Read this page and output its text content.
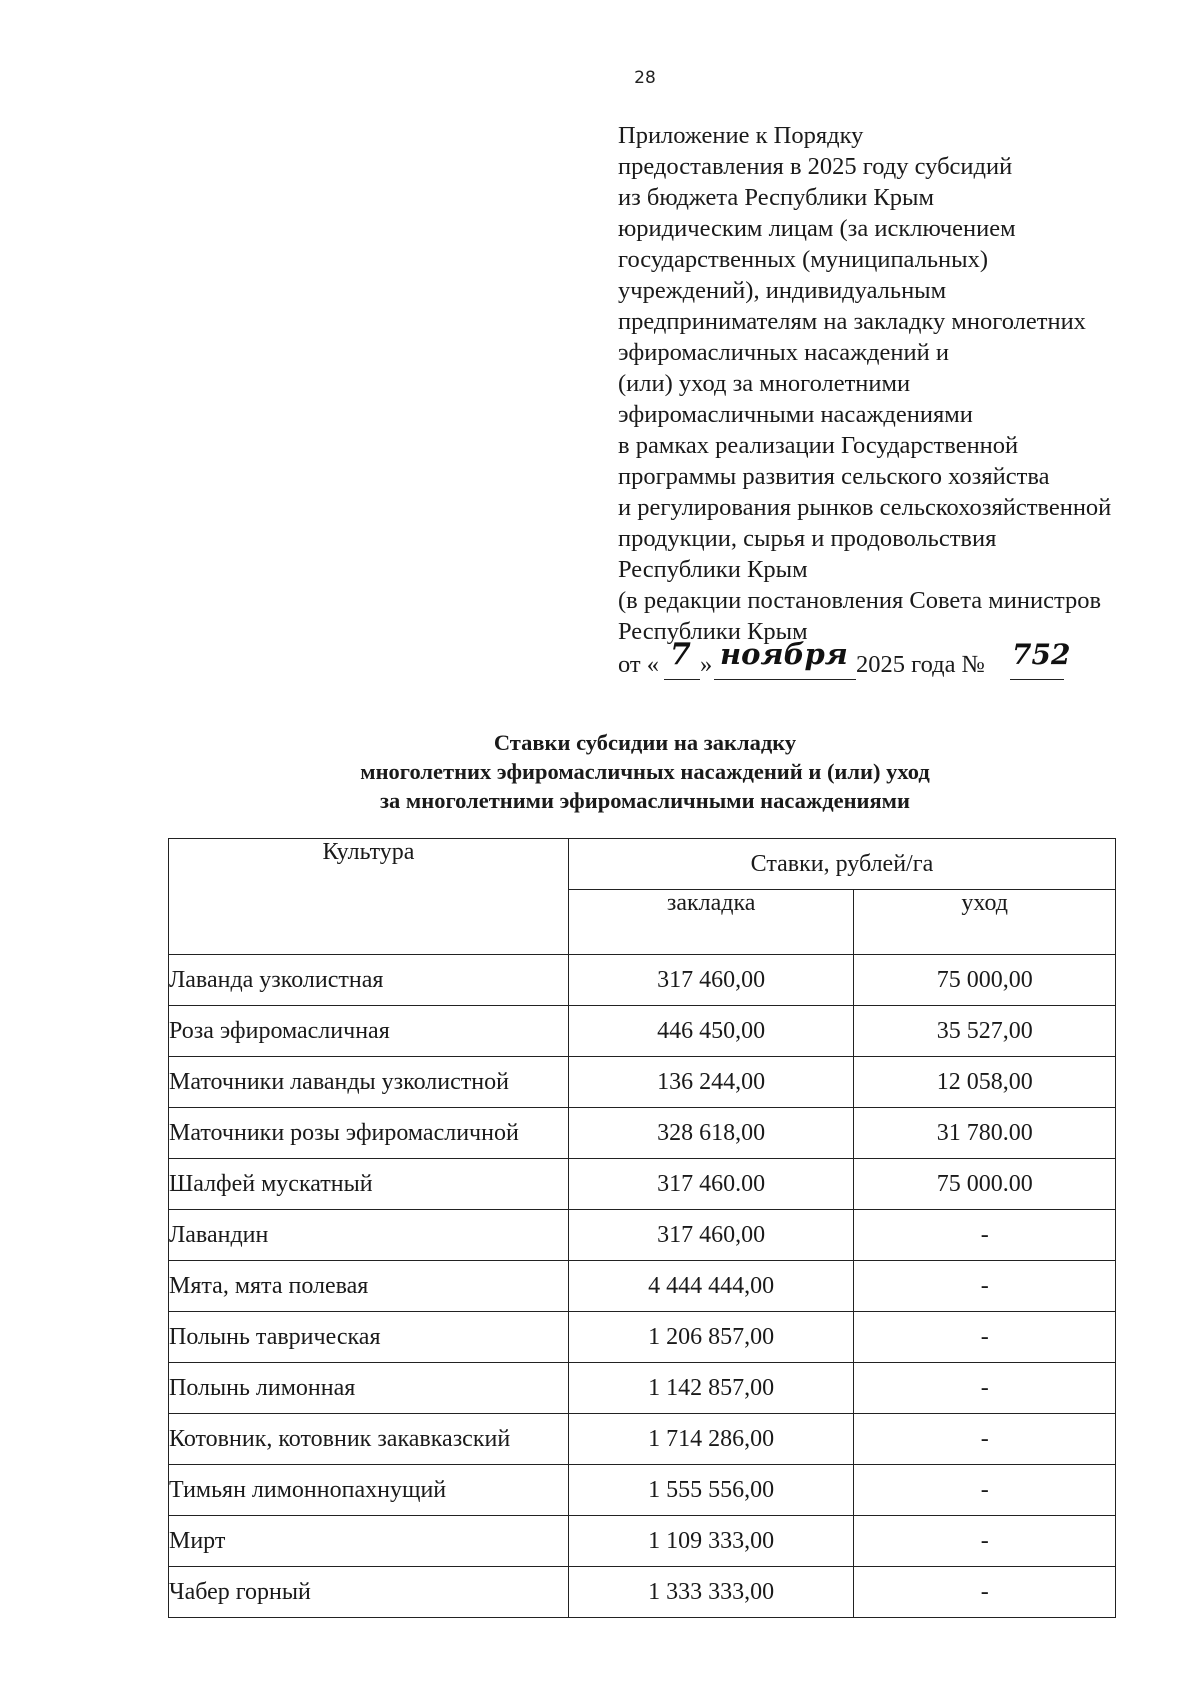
28
Приложение к Порядку
предоставления в 2025 году субсидий
из бюджета Республики Крым
юридическим лицам (за исключением
государственных (муниципальных)
учреждений), индивидуальным
предпринимателям на закладку многолетних
эфиромасличных насаждений и
(или) уход за многолетними
эфиромасличными насаждениями
в рамках реализации Государственной
программы развития сельского хозяйства
и регулирования рынков сельскохозяйственной
продукции, сырья и продовольствия
Республики Крым
(в редакции постановления Совета министров
Республики Крым
от « 7 » ноября 2025 года № 752
Ставки субсидии на закладку
многолетних эфиромасличных насаждений и (или) уход
за многолетними эфиромасличными насаждениями
Культура	Ставки, рублей/га	
	закладка	уход
Лаванда узколистная	317 460,00	75 000,00
Роза эфиромасличная	446 450,00	35 527,00
Маточники лаванды узколистной	136 244,00	12 058,00
Маточники розы эфиромасличной	328 618,00	31 780.00
Шалфей мускатный	317 460.00	75 000.00
Лавандин	317 460,00	-
Мята, мята полевая	4 444 444,00	-
Полынь таврическая	1 206 857,00	-
Полынь лимонная	1 142 857,00	-
Котовник, котовник закавказский	1 714 286,00	-
Тимьян лимоннопахнущий	1 555 556,00	-
Мирт	1 109 333,00	-
Чабер горный	1 333 333,00	-
